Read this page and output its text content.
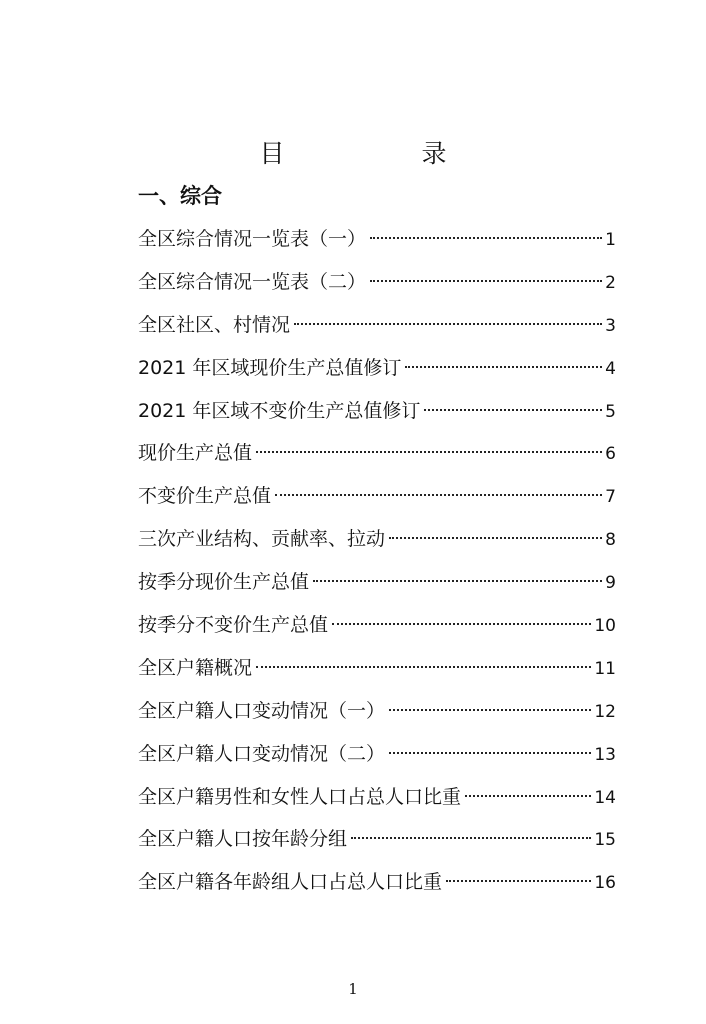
目　录
一、综合
全区综合情况一览表（一）	1
全区综合情况一览表（二）	2
全区社区、村情况	3
2021 年区域现价生产总值修订	4
2021 年区域不变价生产总值修订	5
现价生产总值	6
不变价生产总值	7
三次产业结构、贡献率、拉动	8
按季分现价生产总值	9
按季分不变价生产总值	10
全区户籍概况	11
全区户籍人口变动情况（一）	12
全区户籍人口变动情况（二）	13
全区户籍男性和女性人口占总人口比重	14
全区户籍人口按年龄分组	15
全区户籍各年龄组人口占总人口比重	16
1
